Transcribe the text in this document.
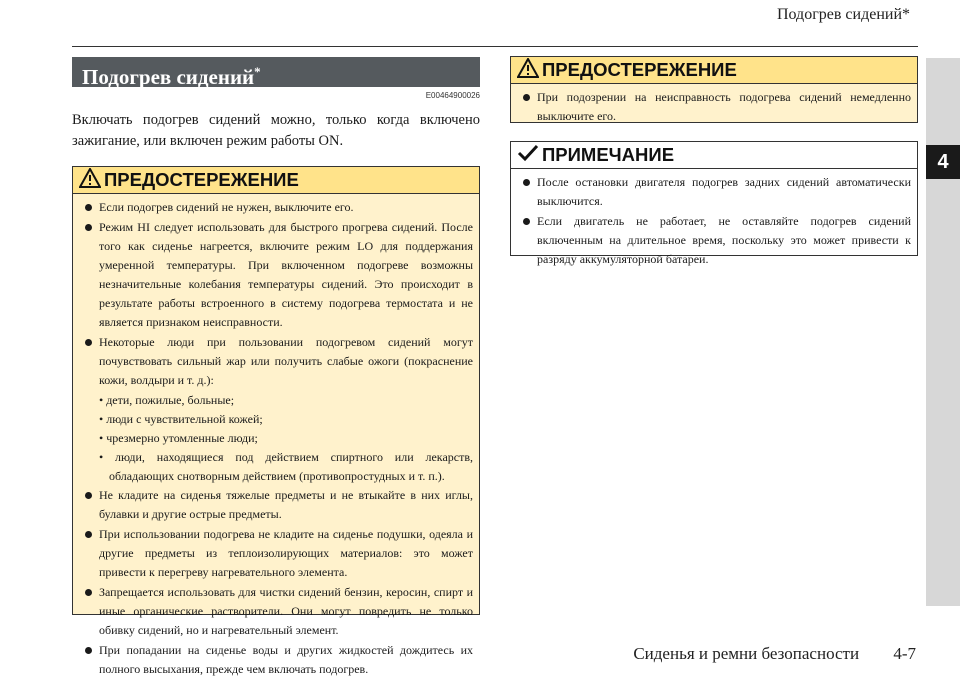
Подогрев сидений*
4
Подогрев сидений*
E00464900026
Включать подогрев сидений можно, только когда включено зажигание, или включен режим работы ON.
ПРЕДОСТЕРЕЖЕНИЕ
Если подогрев сидений не нужен, выключите его.
Режим HI следует использовать для быстрого прогрева сидений. После того как сиденье нагреется, включите режим LO для поддержания умеренной температуры. При включенном подогреве возможны незначительные колебания температуры сидений. Это происходит в результате работы встроенного в систему подогрева термостата и не является признаком неисправности.
Некоторые люди при пользовании подогревом сидений могут почувствовать сильный жар или получить слабые ожоги (покраснение кожи, волдыри и т. д.):
• дети, пожилые, больные;
• люди с чувствительной кожей;
• чрезмерно утомленные люди;
• люди, находящиеся под действием спиртного или лекарств, обладающих снотворным действием (противопростудных и т. п.).
Не кладите на сиденья тяжелые предметы и не втыкайте в них иглы, булавки и другие острые предметы.
При использовании подогрева не кладите на сиденье подушки, одеяла и другие предметы из теплоизолирующих материалов: это может привести к перегреву нагревательного элемента.
Запрещается использовать для чистки сидений бензин, керосин, спирт и иные органические растворители. Они могут повредить не только обивку сидений, но и нагревательный элемент.
При попадании на сиденье воды и других жидкостей дождитесь их полного высыхания, прежде чем включать подогрев.
ПРЕДОСТЕРЕЖЕНИЕ
При подозрении на неисправность подогрева сидений немедленно выключите его.
ПРИМЕЧАНИЕ
После остановки двигателя подогрев задних сидений автоматически выключится.
Если двигатель не работает, не оставляйте подогрев сидений включенным на длительное время, поскольку это может привести к разряду аккумуляторной батареи.
Сиденья и ремни безопасности 4-7
